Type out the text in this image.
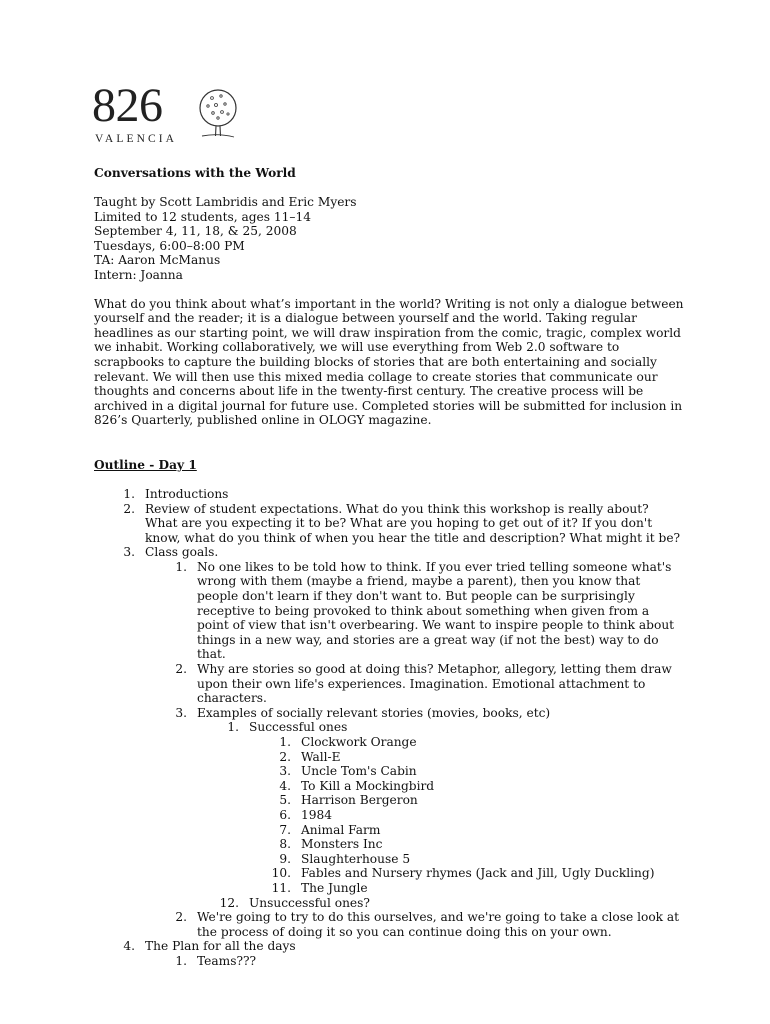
826
VALENCIA
Conversations with the World
Taught by Scott Lambridis and Eric Myers
Limited to 12 students, ages 11–14
September 4, 11, 18, & 25, 2008
Tuesdays, 6:00–8:00 PM
TA: Aaron McManus
Intern: Joanna
What do you think about what’s important in the world? Writing is not only a dialogue between yourself and the reader; it is a dialogue between yourself and the world. Taking regular headlines as our starting point, we will draw inspiration from the comic, tragic, complex world we inhabit. Working collaboratively, we will use everything from Web 2.0 software to scrapbooks to capture the building blocks of stories that are both entertaining and socially relevant. We will then use this mixed media collage to create stories that communicate our thoughts and concerns about life in the twenty-first century. The creative process will be archived in a digital journal for future use. Completed stories will be submitted for inclusion in 826’s Quarterly, published online in OLOGY magazine.
Outline - Day 1
1. Introductions
2. Review of student expectations. What do you think this workshop is really about? What are you expecting it to be? What are you hoping to get out of it? If you don't know, what do you think of when you hear the title and description? What might it be?
3. Class goals.
1. No one likes to be told how to think. If you ever tried telling someone what's wrong with them (maybe a friend, maybe a parent), then you know that people don't learn if they don't want to. But people can be surprisingly receptive to being provoked to think about something when given from a point of view that isn't overbearing. We want to inspire people to think about things in a new way, and stories are a great way (if not the best) way to do that.
2. Why are stories so good at doing this? Metaphor, allegory, letting them draw upon their own life's experiences. Imagination. Emotional attachment to characters.
3. Examples of socially relevant stories (movies, books, etc)
1. Successful ones
1. Clockwork Orange
2. Wall-E
3. Uncle Tom's Cabin
4. To Kill a Mockingbird
5. Harrison Bergeron
6. 1984
7. Animal Farm
8. Monsters Inc
9. Slaughterhouse 5
10. Fables and Nursery rhymes (Jack and Jill, Ugly Duckling)
11. The Jungle
12. Unsuccessful ones?
2. We're going to try to do this ourselves, and we're going to take a close look at the process of doing it so you can continue doing this on your own.
4. The Plan for all the days
1. Teams???
